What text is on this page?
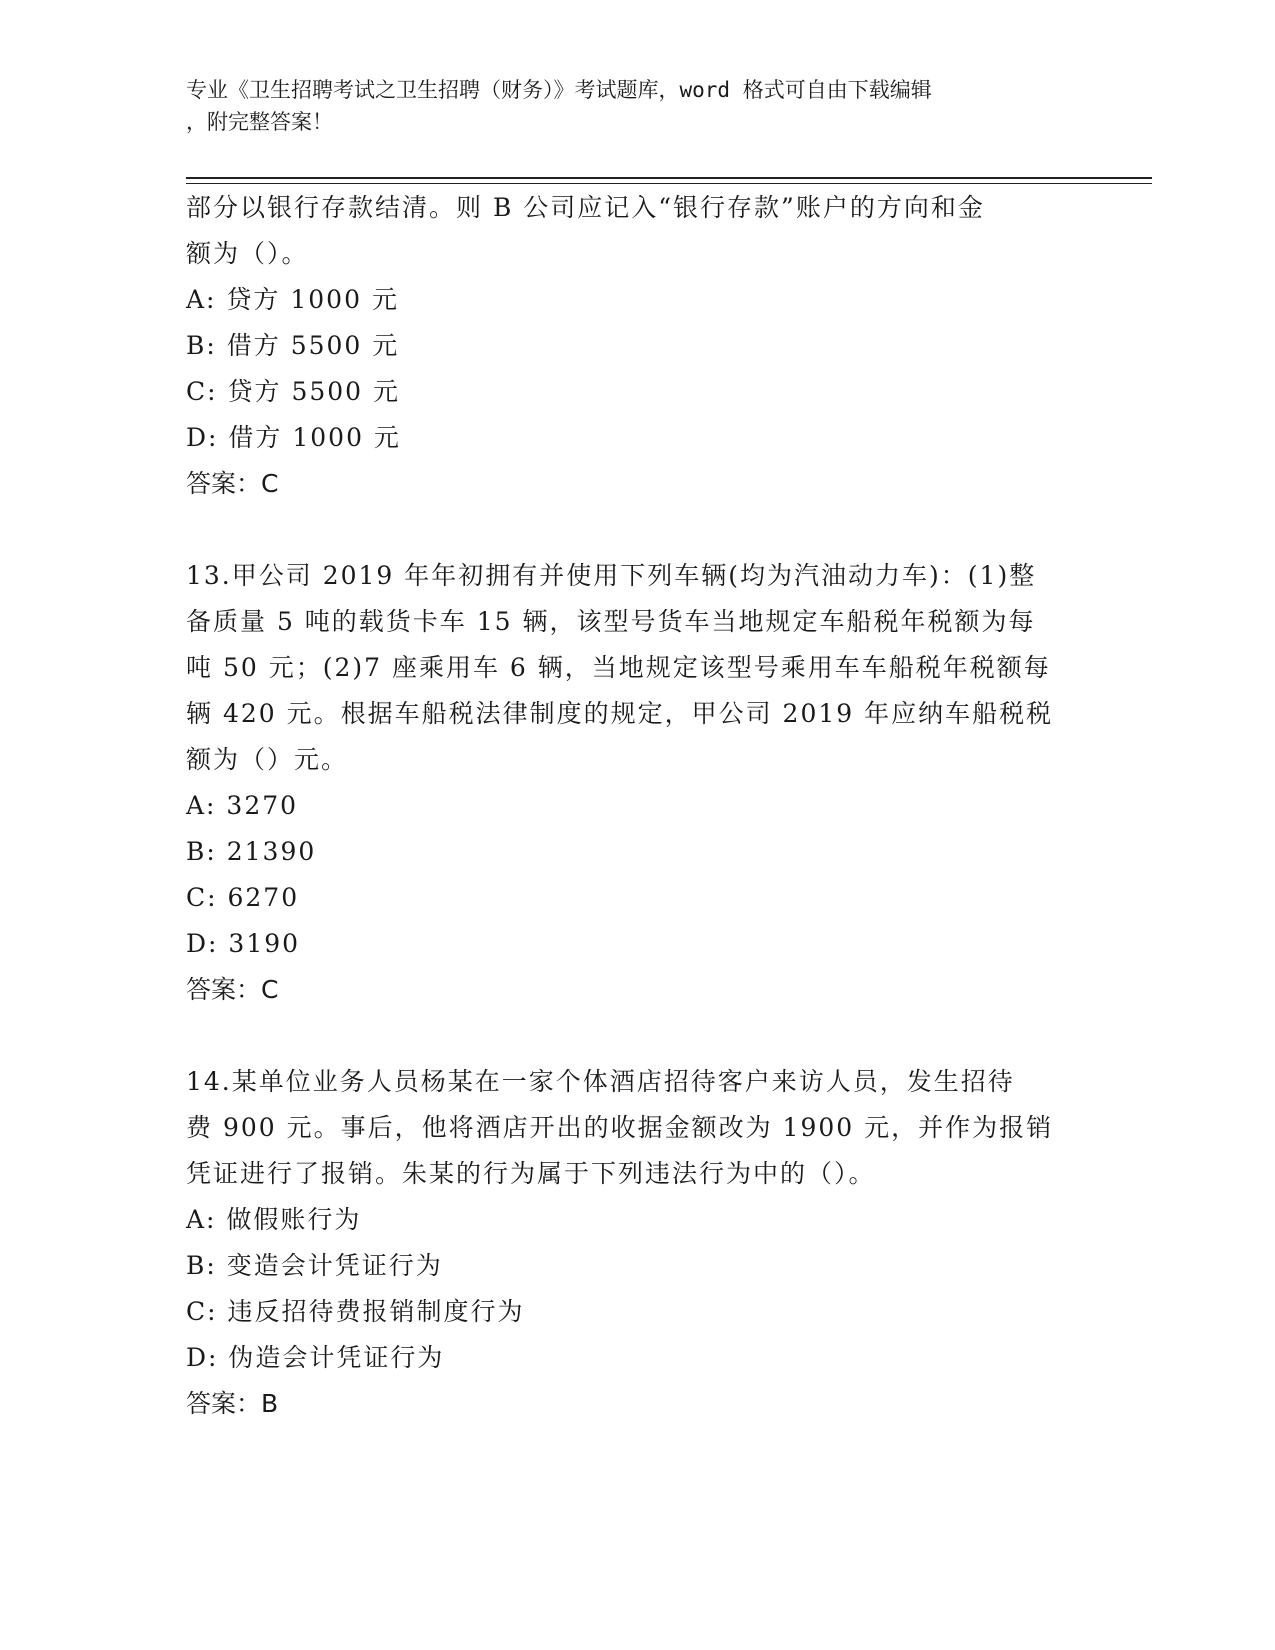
专业《卫生招聘考试之卫生招聘（财务）》考试题库，word 格式可自由下载编辑
，附完整答案！

部分以银行存款结清。则 B 公司应记入“银行存款”账户的方向和金

额为（）。

A: 贷方 1000 元

B: 借方 5500 元

C: 贷方 5500 元

D: 借方 1000 元

答案：C

13.甲公司 2019 年年初拥有并使用下列车辆(均为汽油动力车)：(1)整

备质量 5 吨的载货卡车 15 辆，该型号货车当地规定车船税年税额为每

吨 50 元；(2)7 座乘用车 6 辆，当地规定该型号乘用车车船税年税额每

辆 420 元。根据车船税法律制度的规定，甲公司 2019 年应纳车船税税

额为（）元。

A: 3270

B: 21390

C: 6270

D: 3190

答案：C

14.某单位业务人员杨某在一家个体酒店招待客户来访人员，发生招待

费 900 元。事后，他将酒店开出的收据金额改为 1900 元，并作为报销

凭证进行了报销。朱某的行为属于下列违法行为中的（）。

A: 做假账行为

B: 变造会计凭证行为

C: 违反招待费报销制度行为

D: 伪造会计凭证行为

答案：B
